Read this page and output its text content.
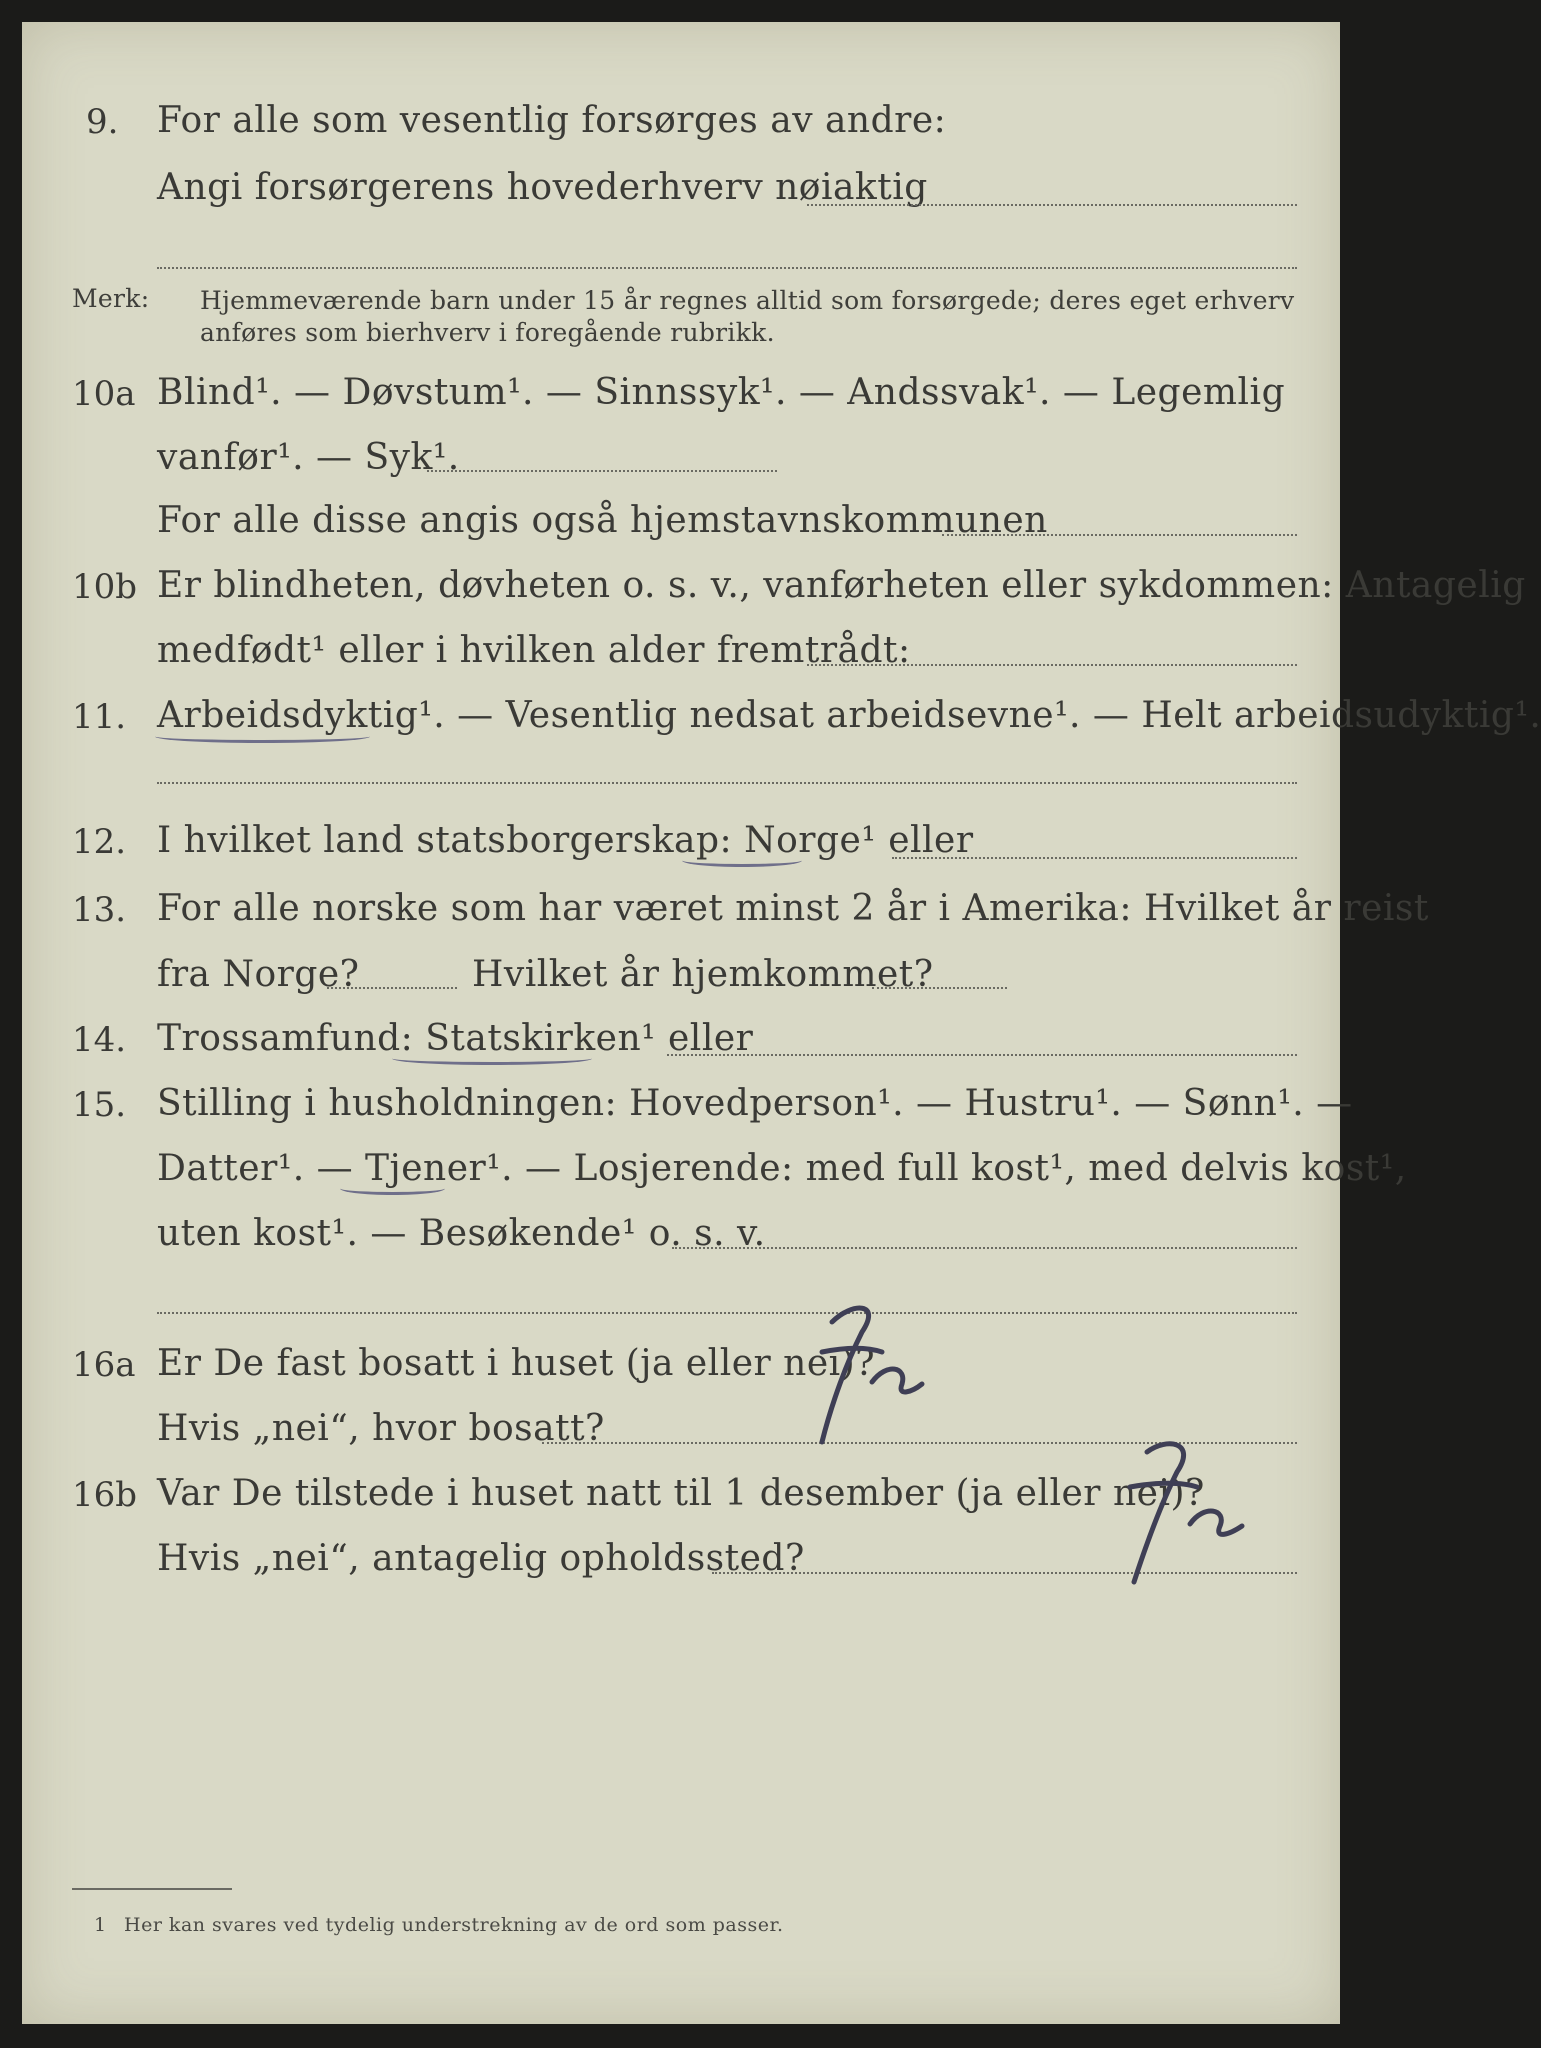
9. For alle som vesentlig forsørges av andre:
Angi forsørgerens hovederhverv nøiaktig
Merk: Hjemmeværende barn under 15 år regnes alltid som forsørgede; deres eget erhverv
anføres som bierhverv i foregående rubrikk.
10a Blind¹. — Døvstum¹. — Sinnssyk¹. — Andssvak¹. — Legemlig
vanfør¹. — Syk¹.
For alle disse angis også hjemstavnskommunen
10b Er blindheten, døvheten o. s. v., vanførheten eller sykdommen: Antagelig
medfødt¹ eller i hvilken alder fremtrådt:
11. Arbeidsdyktig¹. — Vesentlig nedsat arbeidsevne¹. — Helt arbeidsudyktig¹.
12. I hvilket land statsborgerskap: Norge¹ eller
13. For alle norske som har været minst 2 år i Amerika: Hvilket år reist
fra Norge?	Hvilket år hjemkommet?
14. Trossamfund: Statskirken¹ eller
15. Stilling i husholdningen: Hovedperson¹. — Hustru¹. — Sønn¹. —
Datter¹. — Tjener¹. — Losjerende: med full kost¹, med delvis kost¹,
uten kost¹. — Besøkende¹ o. s. v.
16a Er De fast bosatt i huset (ja eller nei)?
Hvis „nei“, hvor bosatt?
16b Var De tilstede i huset natt til 1 desember (ja eller nei)?
Hvis „nei“, antagelig opholdssted?
1 Her kan svares ved tydelig understrekning av de ord som passer.
